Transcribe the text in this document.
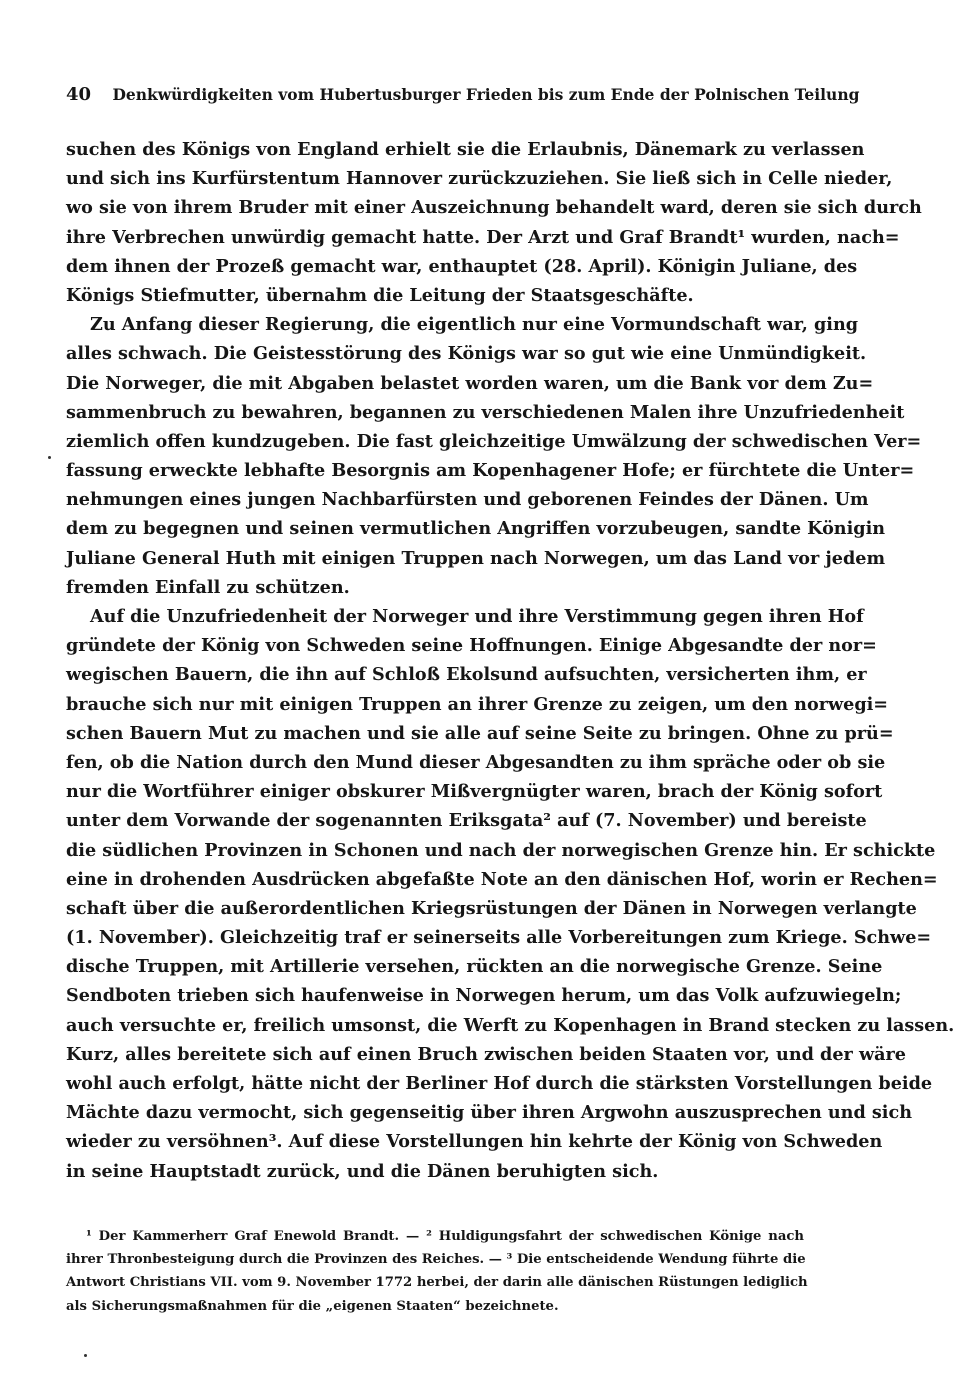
40 Denkwürdigkeiten vom Hubertusburger Frieden bis zum Ende der Polnischen Teilung
suchen des Königs von England erhielt sie die Erlaubnis, Dänemark zu verlassen
und sich ins Kurfürstentum Hannover zurückzuziehen. Sie ließ sich in Celle nieder,
wo sie von ihrem Bruder mit einer Auszeichnung behandelt ward, deren sie sich durch
ihre Verbrechen unwürdig gemacht hatte. Der Arzt und Graf Brandt¹ wurden, nach=
dem ihnen der Prozeß gemacht war, enthauptet (28. April). Königin Juliane, des
Königs Stiefmutter, übernahm die Leitung der Staatsgeschäfte.
Zu Anfang dieser Regierung, die eigentlich nur eine Vormundschaft war, ging
alles schwach. Die Geistesstörung des Königs war so gut wie eine Unmündigkeit.
Die Norweger, die mit Abgaben belastet worden waren, um die Bank vor dem Zu=
sammenbruch zu bewahren, begannen zu verschiedenen Malen ihre Unzufriedenheit
ziemlich offen kundzugeben. Die fast gleichzeitige Umwälzung der schwedischen Ver=
fassung erweckte lebhafte Besorgnis am Kopenhagener Hofe; er fürchtete die Unter=
nehmungen eines jungen Nachbarfürsten und geborenen Feindes der Dänen. Um
dem zu begegnen und seinen vermutlichen Angriffen vorzubeugen, sandte Königin
Juliane General Huth mit einigen Truppen nach Norwegen, um das Land vor jedem
fremden Einfall zu schützen.
Auf die Unzufriedenheit der Norweger und ihre Verstimmung gegen ihren Hof
gründete der König von Schweden seine Hoffnungen. Einige Abgesandte der nor=
wegischen Bauern, die ihn auf Schloß Ekolsund aufsuchten, versicherten ihm, er
brauche sich nur mit einigen Truppen an ihrer Grenze zu zeigen, um den norwegi=
schen Bauern Mut zu machen und sie alle auf seine Seite zu bringen. Ohne zu prü=
fen, ob die Nation durch den Mund dieser Abgesandten zu ihm spräche oder ob sie
nur die Wortführer einiger obskurer Mißvergnügter waren, brach der König sofort
unter dem Vorwande der sogenannten Eriksgata² auf (7. November) und bereiste
die südlichen Provinzen in Schonen und nach der norwegischen Grenze hin. Er schickte
eine in drohenden Ausdrücken abgefaßte Note an den dänischen Hof, worin er Rechen=
schaft über die außerordentlichen Kriegsrüstungen der Dänen in Norwegen verlangte
(1. November). Gleichzeitig traf er seinerseits alle Vorbereitungen zum Kriege. Schwe=
dische Truppen, mit Artillerie versehen, rückten an die norwegische Grenze. Seine
Sendboten trieben sich haufenweise in Norwegen herum, um das Volk aufzuwiegeln;
auch versuchte er, freilich umsonst, die Werft zu Kopenhagen in Brand stecken zu lassen.
Kurz, alles bereitete sich auf einen Bruch zwischen beiden Staaten vor, und der wäre
wohl auch erfolgt, hätte nicht der Berliner Hof durch die stärksten Vorstellungen beide
Mächte dazu vermocht, sich gegenseitig über ihren Argwohn auszusprechen und sich
wieder zu versöhnen³. Auf diese Vorstellungen hin kehrte der König von Schweden
in seine Hauptstadt zurück, und die Dänen beruhigten sich.
¹ Der Kammerherr Graf Enewold Brandt. — ² Huldigungsfahrt der schwedischen Könige nach
ihrer Thronbesteigung durch die Provinzen des Reiches. — ³ Die entscheidende Wendung führte die
Antwort Christians VII. vom 9. November 1772 herbei, der darin alle dänischen Rüstungen lediglich
als Sicherungsmaßnahmen für die „eigenen Staaten“ bezeichnete.
